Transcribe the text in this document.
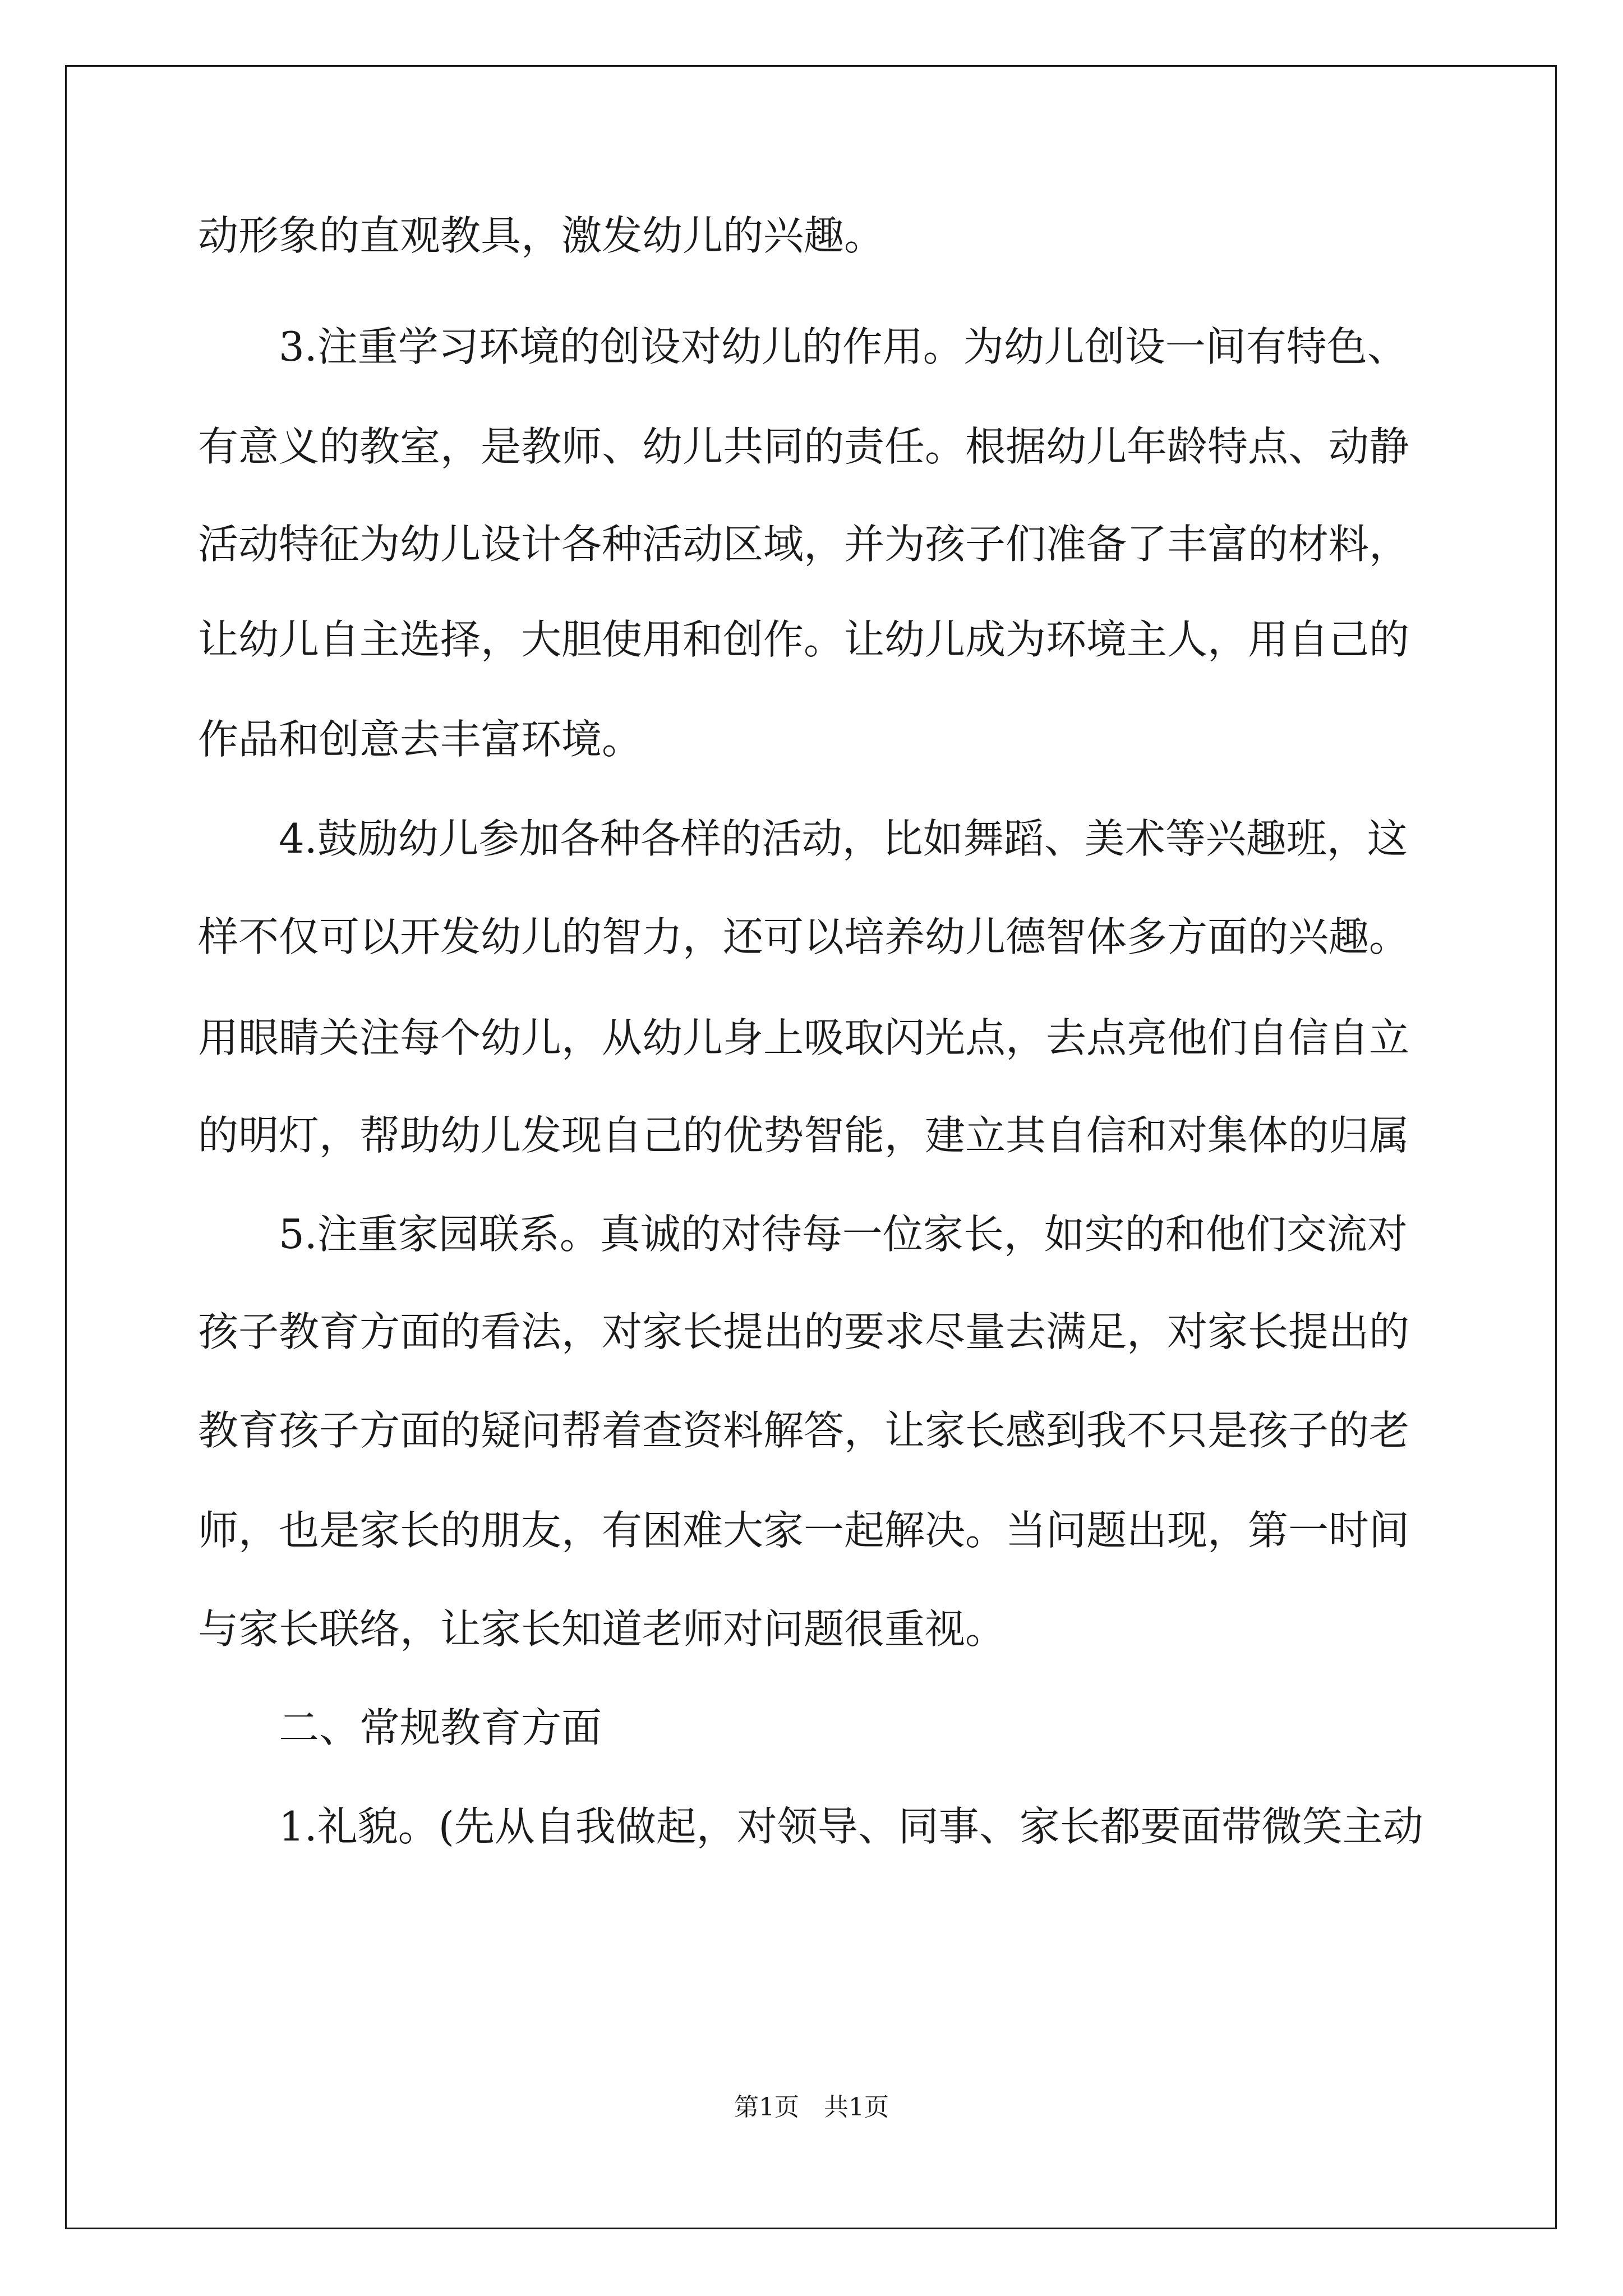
动形象的直观教具，激发幼儿的兴趣。
3.注重学习环境的创设对幼儿的作用。为幼儿创设一间有特色、
有意义的教室，是教师、幼儿共同的责任。根据幼儿年龄特点、动静
活动特征为幼儿设计各种活动区域，并为孩子们准备了丰富的材料，
让幼儿自主选择，大胆使用和创作。让幼儿成为环境主人，用自己的
作品和创意去丰富环境。
4.鼓励幼儿参加各种各样的活动，比如舞蹈、美术等兴趣班，这
样不仅可以开发幼儿的智力，还可以培养幼儿德智体多方面的兴趣。
用眼睛关注每个幼儿，从幼儿身上吸取闪光点，去点亮他们自信自立
的明灯，帮助幼儿发现自己的优势智能，建立其自信和对集体的归属
5.注重家园联系。真诚的对待每一位家长，如实的和他们交流对
孩子教育方面的看法，对家长提出的要求尽量去满足，对家长提出的
教育孩子方面的疑问帮着查资料解答，让家长感到我不只是孩子的老
师，也是家长的朋友，有困难大家一起解决。当问题出现，第一时间
与家长联络，让家长知道老师对问题很重视。
二、常规教育方面
1.礼貌。(先从自我做起，对领导、同事、家长都要面带微笑主动
第1页　共1页
